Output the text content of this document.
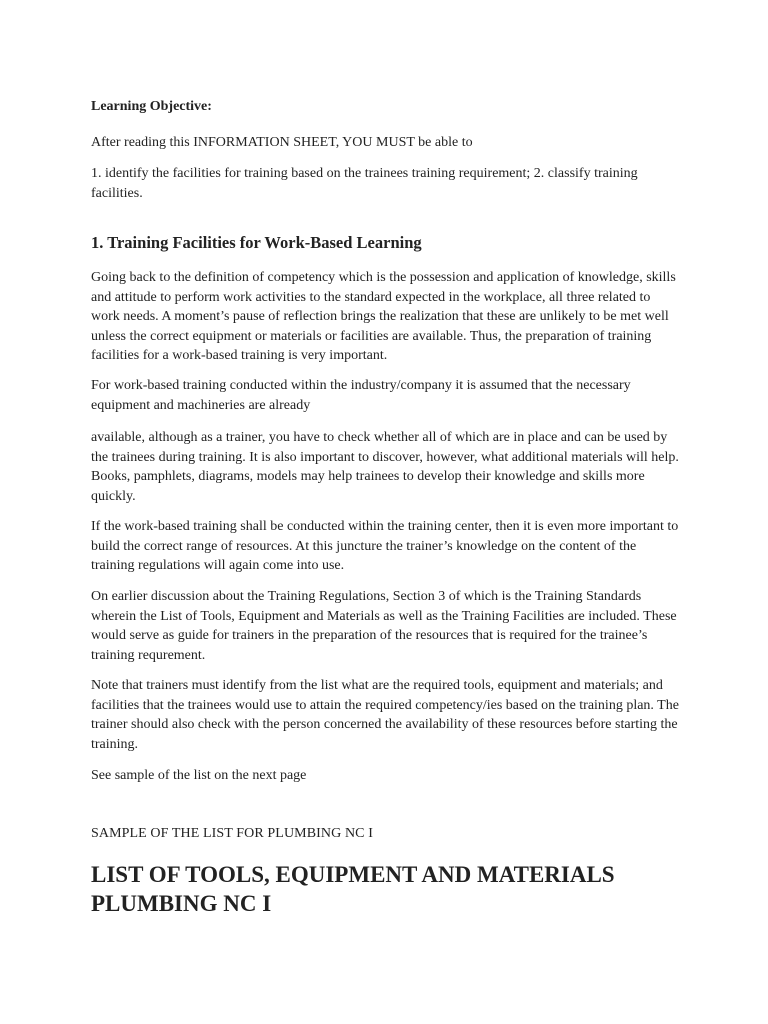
Learning Objective:

After reading this INFORMATION SHEET, YOU MUST be able to

1. identify the facilities for training based on the trainees training requirement; 2. classify training facilities.

1. Training Facilities for Work-Based Learning

Going back to the definition of competency which is the possession and application of knowledge, skills and attitude to perform work activities to the standard expected in the workplace, all three related to work needs. A moment’s pause of reflection brings the realization that these are unlikely to be met well unless the correct equipment or materials or facilities are available. Thus, the preparation of training facilities for a work-based training is very important.

For work-based training conducted within the industry/company it is assumed that the necessary equipment and machineries are already

available, although as a trainer, you have to check whether all of which are in place and can be used by the trainees during training. It is also important to discover, however, what additional materials will help. Books, pamphlets, diagrams, models may help trainees to develop their knowledge and skills more quickly.

If the work-based training shall be conducted within the training center, then it is even more important to build the correct range of resources. At this juncture the trainer’s knowledge on the content of the training regulations will again come into use.

On earlier discussion about the Training Regulations, Section 3 of which is the Training Standards wherein the List of Tools, Equipment and Materials as well as the Training Facilities are included. These would serve as guide for trainers in the preparation of the resources that is required for the trainee’s training requrement.

Note that trainers must identify from the list what are the required tools, equipment and materials; and facilities that the trainees would use to attain the required competency/ies based on the training plan. The trainer should also check with the person concerned the availability of these resources before starting the training.

See sample of the list on the next page

SAMPLE OF THE LIST FOR PLUMBING NC I

LIST OF TOOLS, EQUIPMENT AND MATERIALS PLUMBING NC I
